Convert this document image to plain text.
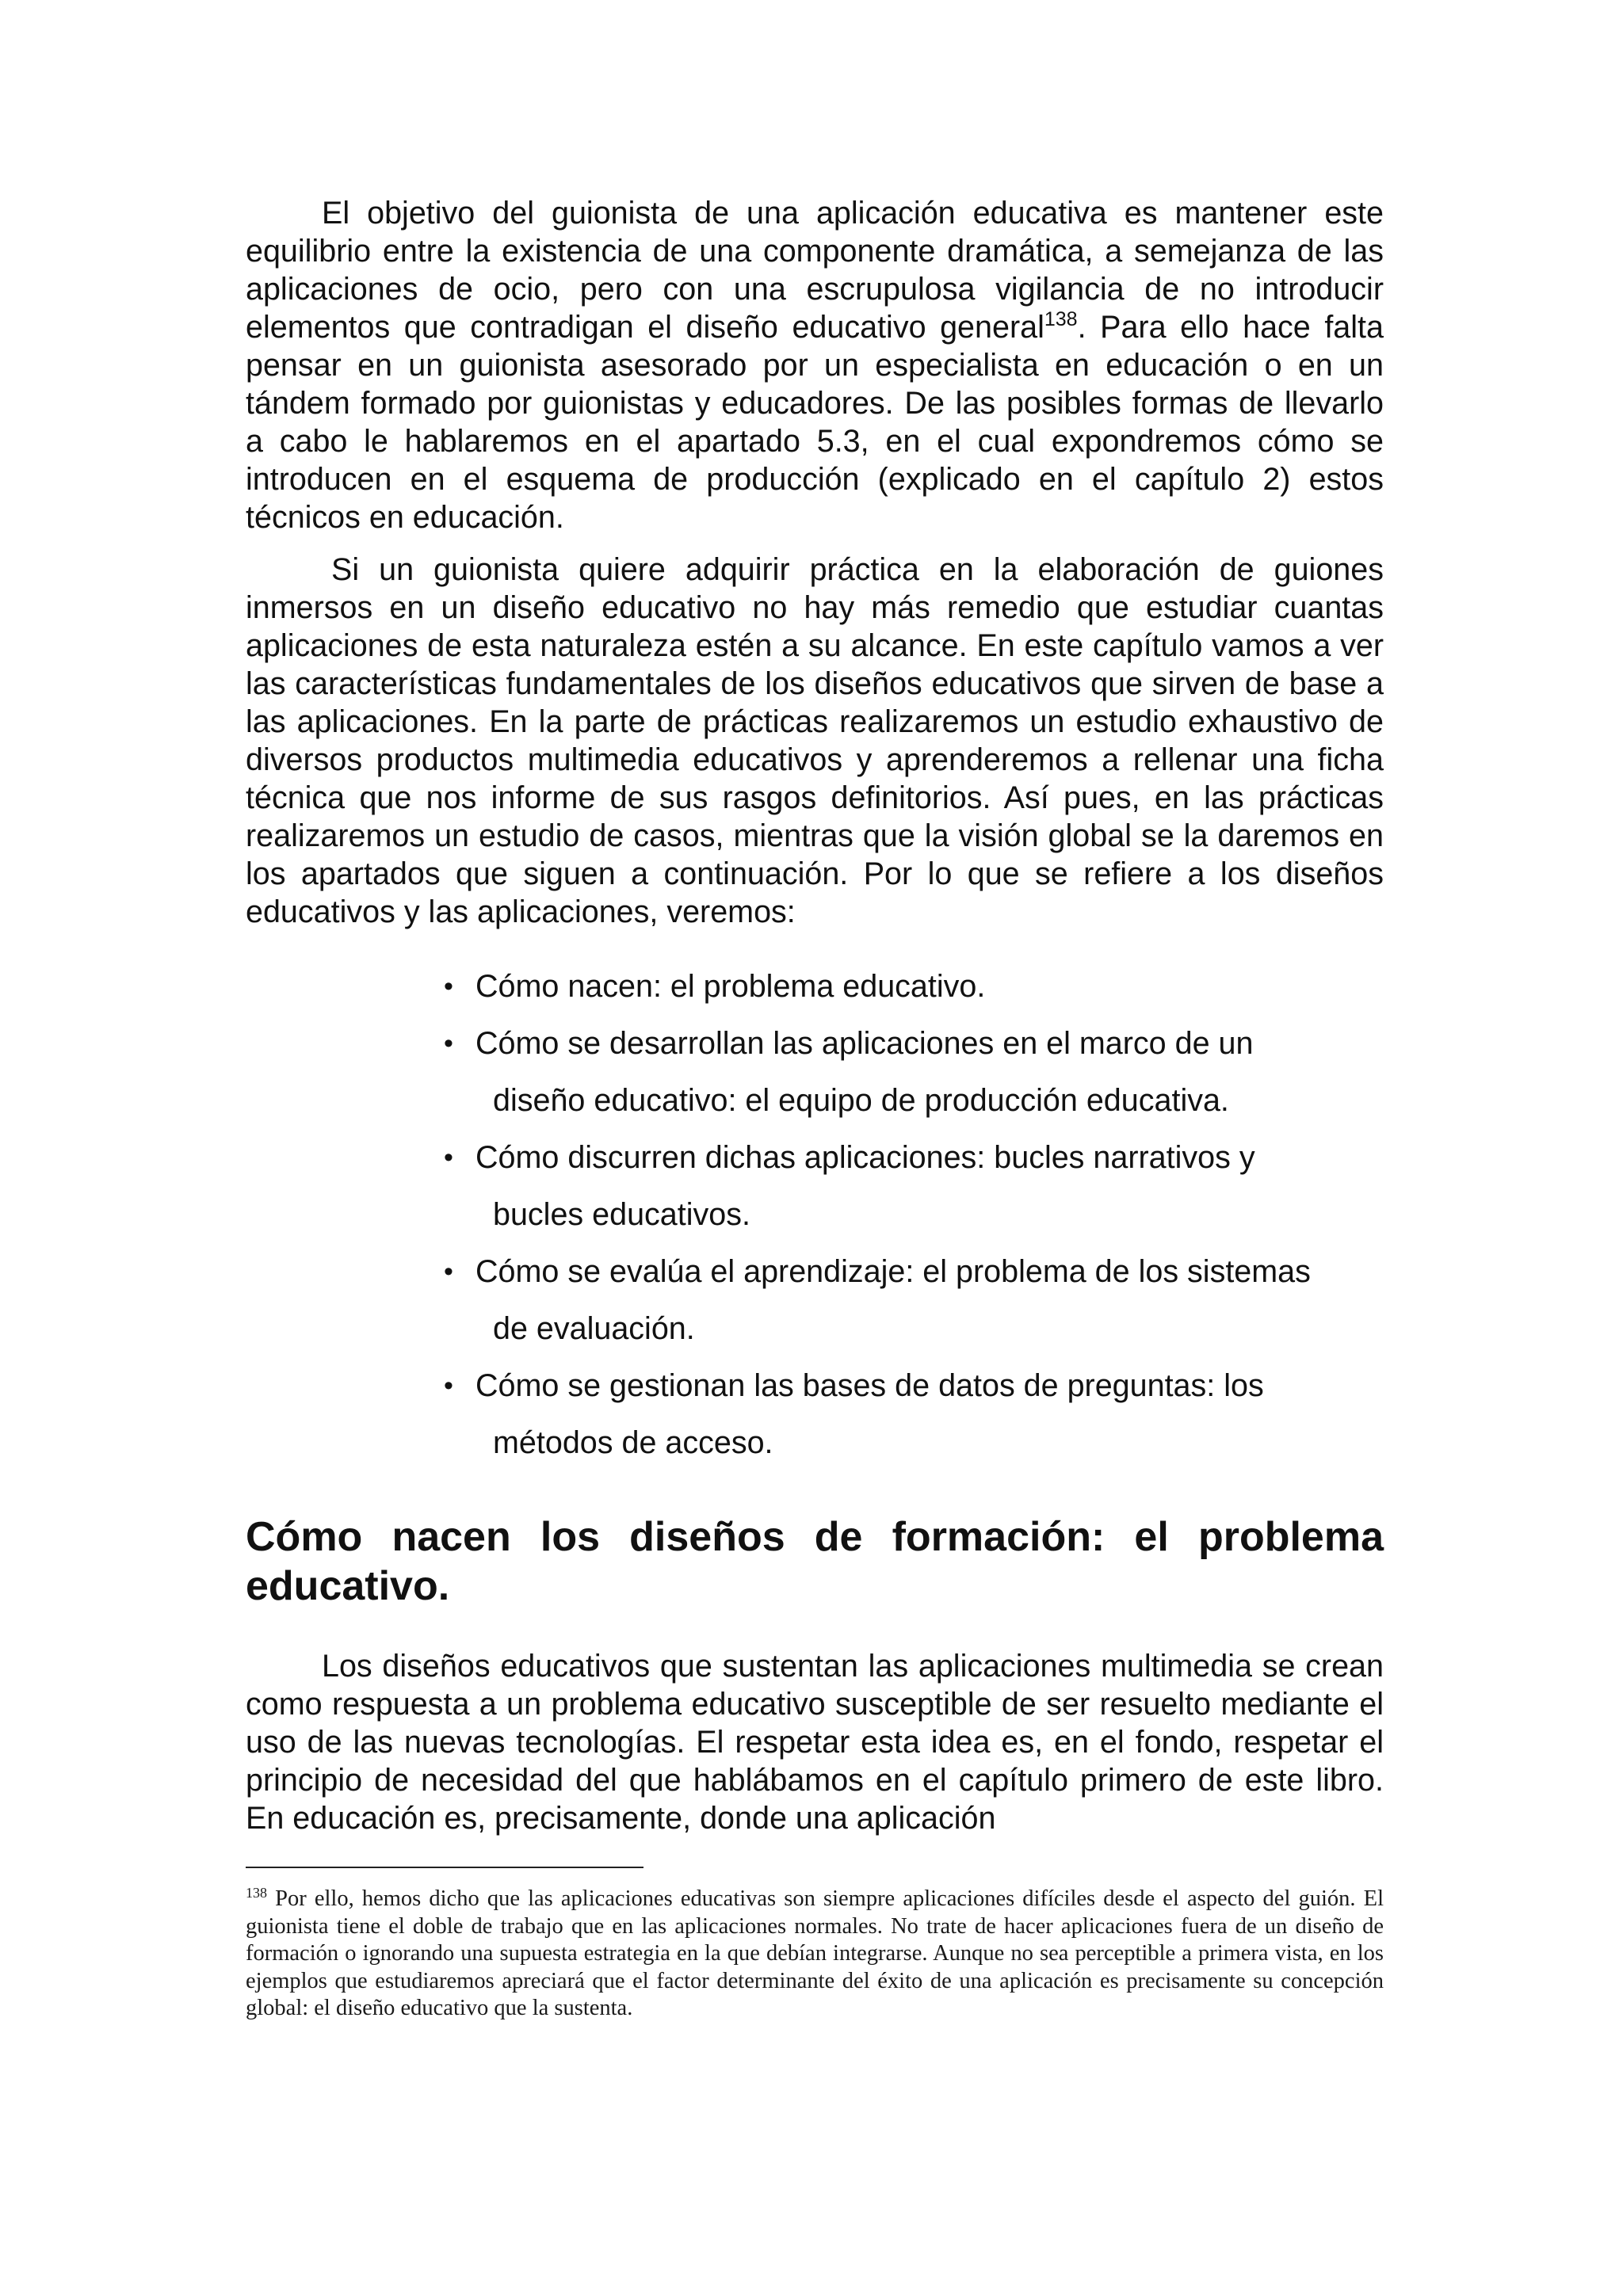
El objetivo del guionista de una aplicación educativa es mantener este equilibrio entre la existencia de una componente dramática, a semejanza de las aplicaciones de ocio, pero con una escrupulosa vigilancia de no introducir elementos que contradigan el diseño educativo general$^{138}$. Para ello hace falta pensar en un guionista asesorado por un especialista en educación o en un tándem formado por guionistas y educadores. De las posibles formas de llevarlo a cabo le hablaremos en el apartado 5.3, en el cual expondremos cómo se introducen en el esquema de producción (explicado en el capítulo 2) estos técnicos en educación.

Si un guionista quiere adquirir práctica en la elaboración de guiones inmersos en un diseño educativo no hay más remedio que estudiar cuantas aplicaciones de esta naturaleza estén a su alcance. En este capítulo vamos a ver las características fundamentales de los diseños educativos que sirven de base a las aplicaciones. En la parte de prácticas realizaremos un estudio exhaustivo de diversos productos multimedia educativos y aprenderemos a rellenar una ficha técnica que nos informe de sus rasgos definitorios. Así pues, en las prácticas realizaremos un estudio de casos, mientras que la visión global se la daremos en los apartados que siguen a continuación. Por lo que se refiere a los diseños educativos y las aplicaciones, veremos:

• Cómo nacen: el problema educativo.
• Cómo se desarrollan las aplicaciones en el marco de un
diseño educativo: el equipo de producción educativa.
• Cómo discurren dichas aplicaciones: bucles narrativos y
bucles educativos.
• Cómo se evalúa el aprendizaje: el problema de los sistemas
de evaluación.
• Cómo se gestionan las bases de datos de preguntas: los
métodos de acceso.
Cómo nacen los diseños de formación: el problema
educativo.

Los diseños educativos que sustentan las aplicaciones multimedia se crean como respuesta a un problema educativo susceptible de ser resuelto mediante el uso de las nuevas tecnologías. El respetar esta idea es, en el fondo, respetar el principio de necesidad del que hablábamos en el capítulo primero de este libro. En educación es, precisamente, donde una aplicación

$^{138}$ Por ello, hemos dicho que las aplicaciones educativas son siempre aplicaciones difíciles desde el aspecto del guión. El guionista tiene el doble de trabajo que en las aplicaciones normales. No trate de hacer aplicaciones fuera de un diseño de formación o ignorando una supuesta estrategia en la que debían integrarse. Aunque no sea perceptible a primera vista, en los ejemplos que estudiaremos apreciará que el factor determinante del éxito de una aplicación es precisamente su concepción global: el diseño educativo que la sustenta.
